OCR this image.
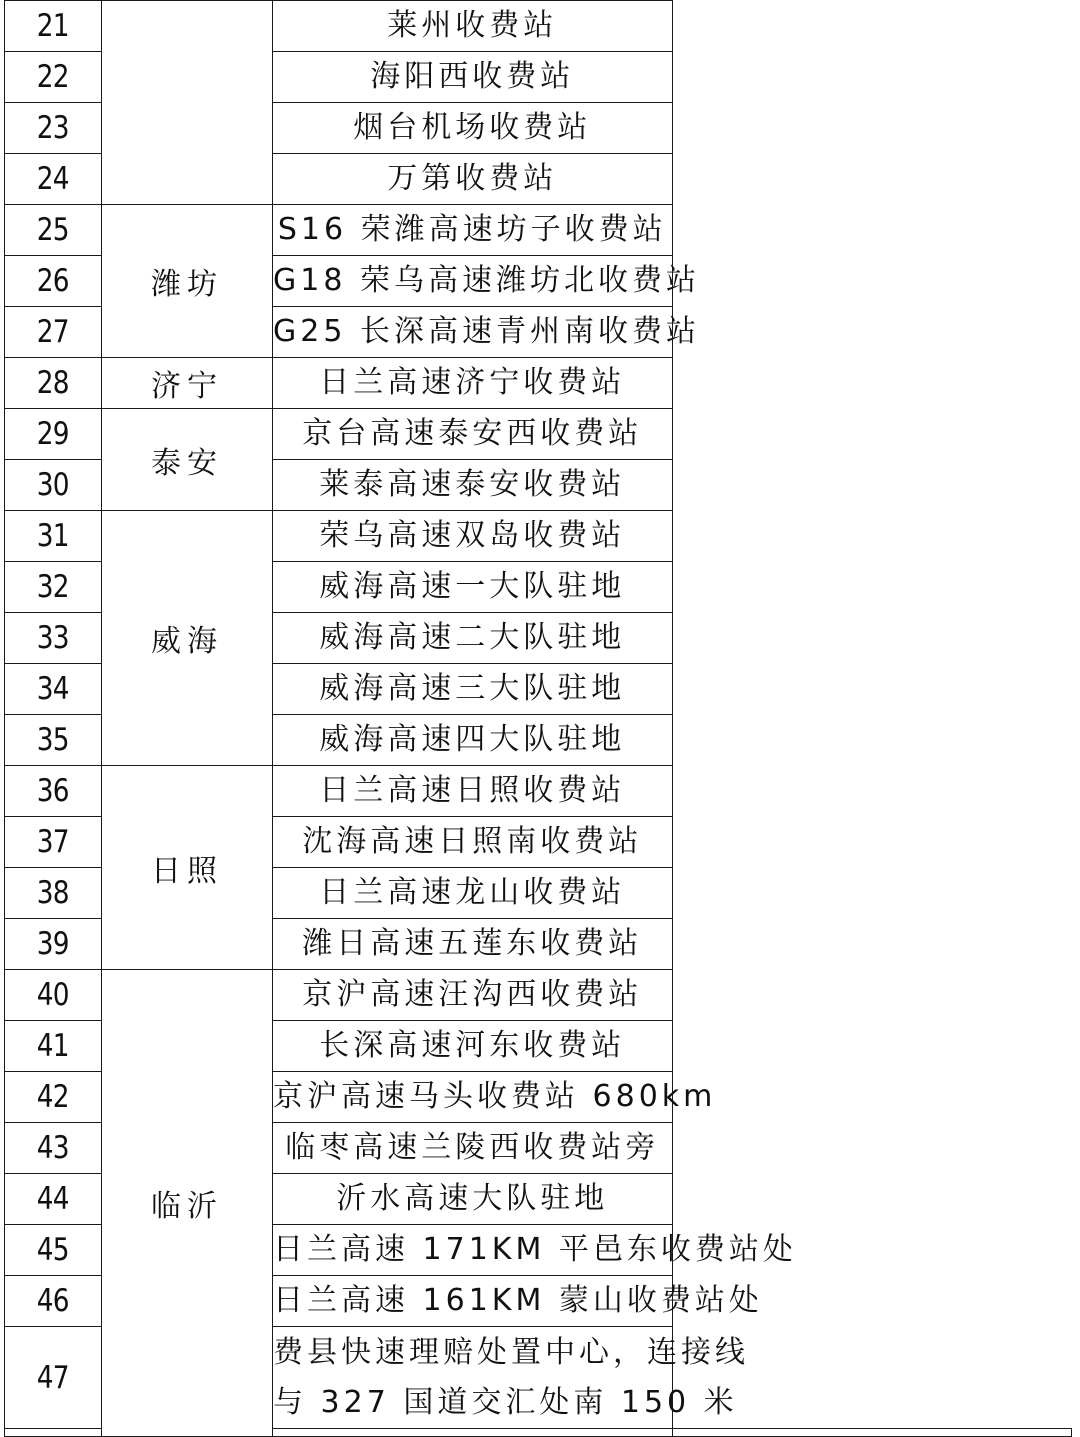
21		莱州收费站	

22		海阳西收费站	

23		烟台机场收费站	

24		万第收费站	

25	潍坊	S16 荣潍高速坊子收费站	

26		G18 荣乌高速潍坊北收费站	

27		G25 长深高速青州南收费站	

28	济宁	日兰高速济宁收费站	

29	泰安	京台高速泰安西收费站	

30		莱泰高速泰安收费站	

31	威海	荣乌高速双岛收费站	

32		威海高速一大队驻地	

33		威海高速二大队驻地	

34		威海高速三大队驻地	

35		威海高速四大队驻地	

36	日照	日兰高速日照收费站	

37		沈海高速日照南收费站	

38		日兰高速龙山收费站	

39		潍日高速五莲东收费站	

40	临沂	京沪高速汪沟西收费站	

41		长深高速河东收费站	

42		京沪高速马头收费站 680km	

43		临枣高速兰陵西收费站旁	

44		沂水高速大队驻地	

45		日兰高速 171KM 平邑东收费站处	

46		日兰高速 161KM 蒙山收费站处	

47		费县快速理赔处置中心，连接线
与 327 国道交汇处南 150 米	
